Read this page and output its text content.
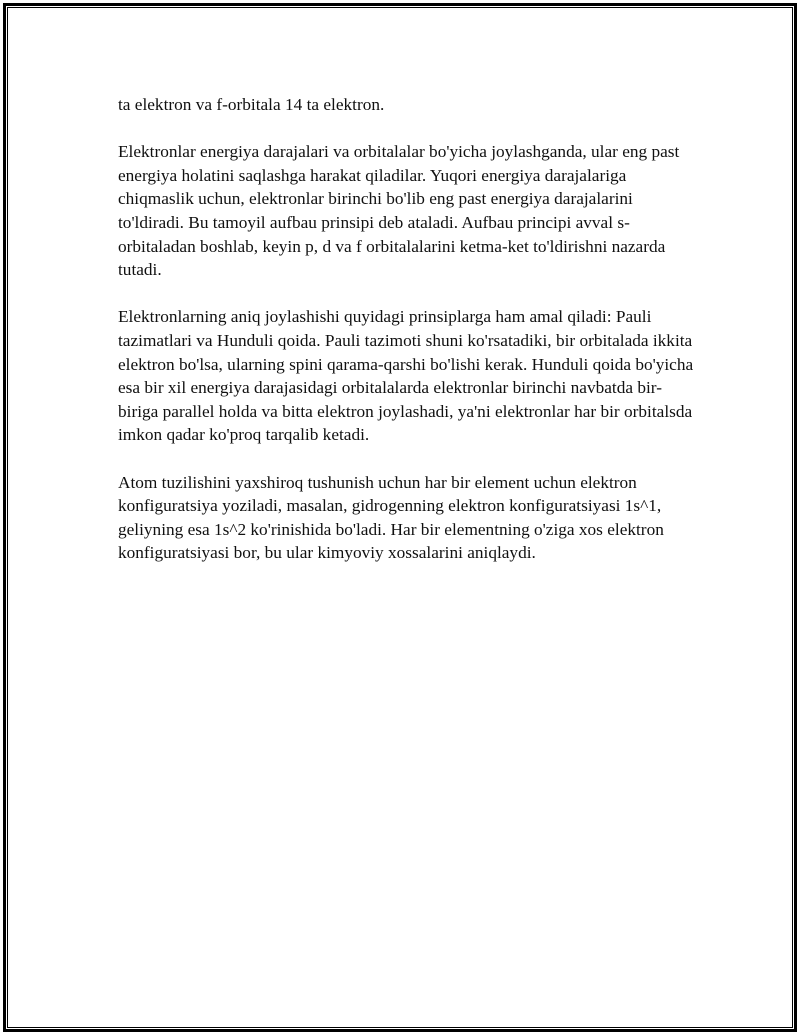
ta elektron va f-orbitala 14 ta elektron.

Elektronlar energiya darajalari va orbitalalar bo'yicha joylashganda, ular eng past energiya holatini saqlashga harakat qiladilar. Yuqori energiya darajalariga chiqmaslik uchun, elektronlar birinchi bo'lib eng past energiya darajalarini to'ldiradi. Bu tamoyil aufbau prinsipi deb ataladi. Aufbau principi avval s-orbitaladan boshlab, keyin p, d va f orbitalalarini ketma-ket to'ldirishni nazarda tutadi.

Elektronlarning aniq joylashishi quyidagi prinsiplarga ham amal qiladi: Pauli tazimatlari va Hunduli qoida. Pauli tazimoti shuni ko'rsatadiki, bir orbitalada ikkita elektron bo'lsa, ularning spini qarama-qarshi bo'lishi kerak. Hunduli qoida bo'yicha esa bir xil energiya darajasidagi orbitalalarda elektronlar birinchi navbatda bir-biriga parallel holda va bitta elektron joylashadi, ya'ni elektronlar har bir orbitalsda imkon qadar ko'proq tarqalib ketadi.

Atom tuzilishini yaxshiroq tushunish uchun har bir element uchun elektron konfiguratsiya yoziladi, masalan, gidrogenning elektron konfiguratsiyasi 1s^1, geliyning esa 1s^2 ko'rinishida bo'ladi. Har bir elementning o'ziga xos elektron konfiguratsiyasi bor, bu ular kimyoviy xossalarini aniqlaydi.
